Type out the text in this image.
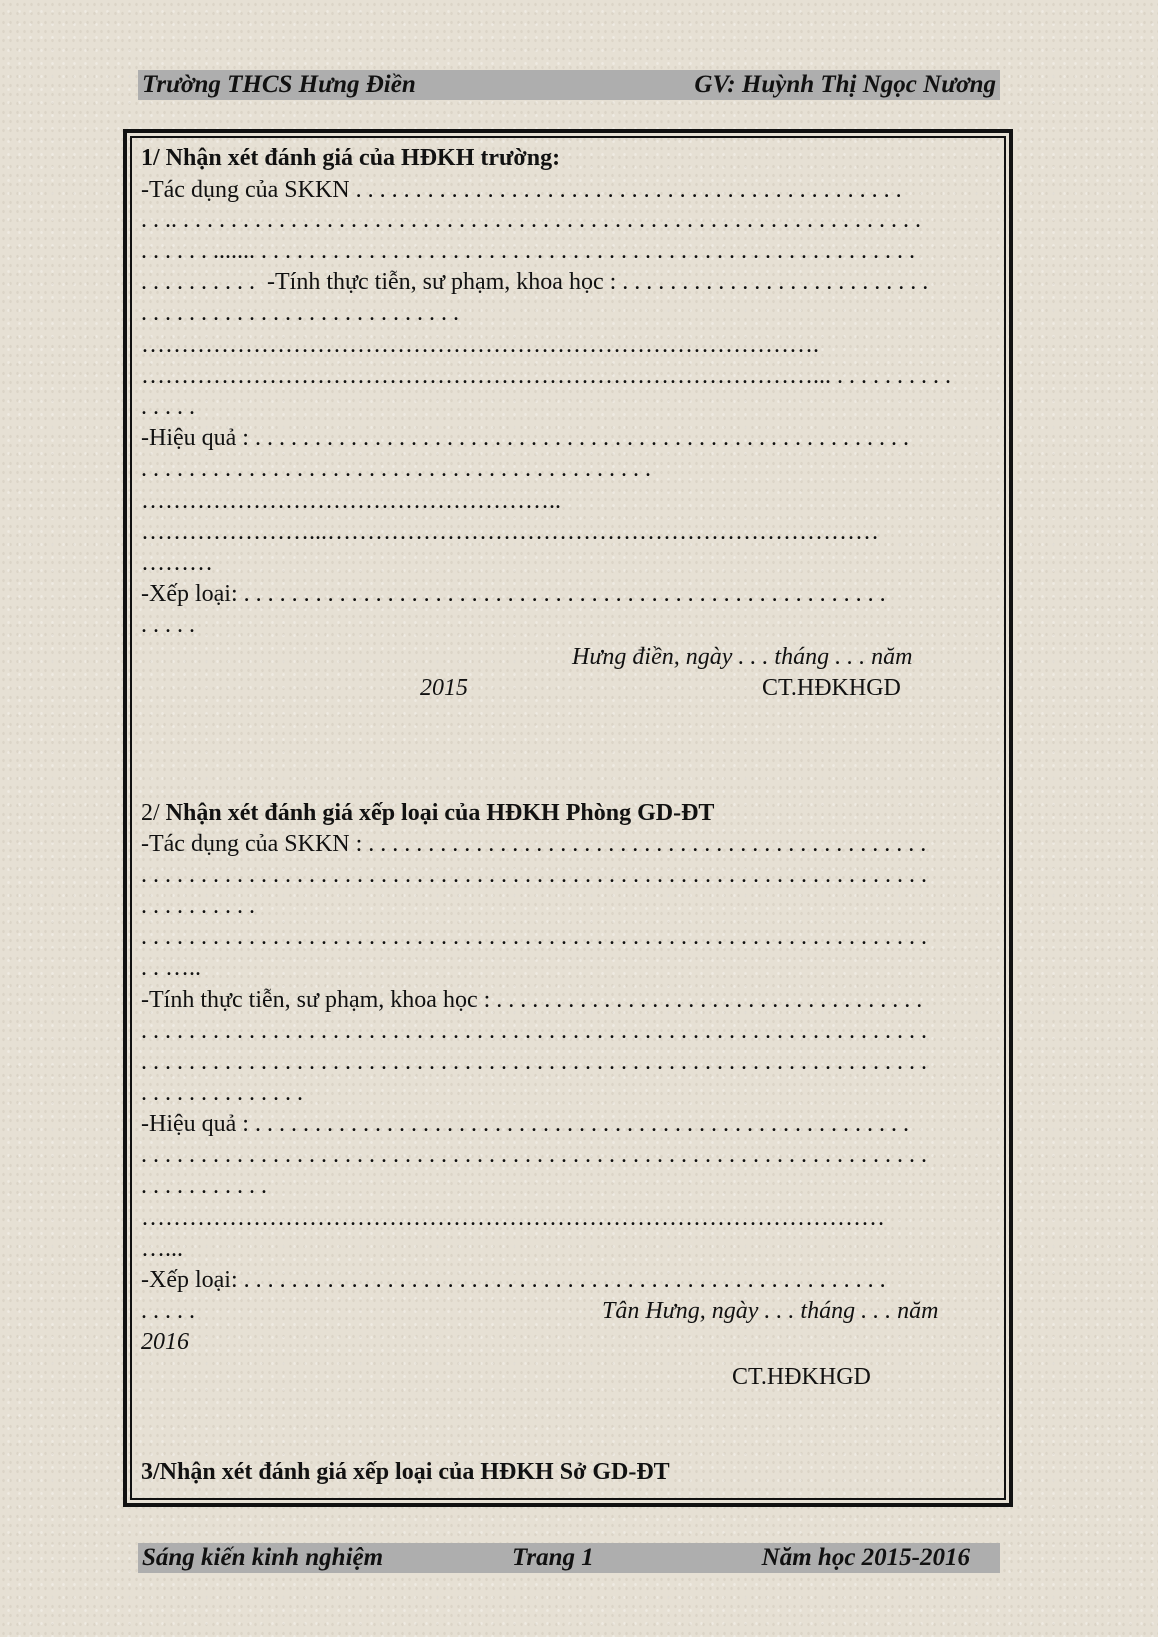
Trường THCS Hưng Điền	GV: Huỳnh Thị Ngọc Nương
1/ Nhận xét đánh giá của HĐKH trường:
-Tác dụng của SKKN . . . . . . . . . . . . . . . . . . . . . . . . . . . . . . . . . . . . . . . . . . . . . .
. . .. . . . . . . . . . . . . . . . . . . . . . . . . . . . . . . . . . . . . . . . . . . . . . . . . . . . . . . . . . . . . . .
. . . . . . ....... . . . . . . . . . . . . . . . . . . . . . . . . . . . . . . . . . . . . . . . . . . . . . . . . . . . . . . .
. . . . . . . . . . -Tính thực tiễn, sư phạm, khoa học : . . . . . . . . . . . . . . . . . . . . . . . . . .
. . . . . . . . . . . . . . . . . . . . . . . . . . .
………………………………………………………………………….
…………………………………………………………………………... . . . . . . . . . .
. . . . .
-Hiệu quả : . . . . . . . . . . . . . . . . . . . . . . . . . . . . . . . . . . . . . . . . . . . . . . . . . . . . . . .
. . . . . . . . . . . . . . . . . . . . . . . . . . . . . . . . . . . . . . . . . . .
……………………………………………..
…………………...……………………………………………………………
………
-Xếp loại: . . . . . . . . . . . . . . . . . . . . . . . . . . . . . . . . . . . . . . . . . . . . . . . . . . . . . .
. . . . .
Hưng điền, ngày . . . tháng . . . năm
2015	CT.HĐKHGD
2/ Nhận xét đánh giá xếp loại của HĐKH Phòng GD-ĐT
-Tác dụng của SKKN : . . . . . . . . . . . . . . . . . . . . . . . . . . . . . . . . . . . . . . . . . . . . . . .
. . . . . . . . . . . . . . . . . . . . . . . . . . . . . . . . . . . . . . . . . . . . . . . . . . . . . . . . . . . . . . . . . .
. . . . . . . . . .
. . . . . . . . . . . . . . . . . . . . . . . . . . . . . . . . . . . . . . . . . . . . . . . . . . . . . . . . . . . . . . . . . .
. . …..
-Tính thực tiễn, sư phạm, khoa học : . . . . . . . . . . . . . . . . . . . . . . . . . . . . . . . . . . . .
. . . . . . . . . . . . . . . . . . . . . . . . . . . . . . . . . . . . . . . . . . . . . . . . . . . . . . . . . . . . . . . . . .
. . . . . . . . . . . . . . . . . . . . . . . . . . . . . . . . . . . . . . . . . . . . . . . . . . . . . . . . . . . . . . . . . .
. . . . . . . . . . . . . .
-Hiệu quả : . . . . . . . . . . . . . . . . . . . . . . . . . . . . . . . . . . . . . . . . . . . . . . . . . . . . . . .
. . . . . . . . . . . . . . . . . . . . . . . . . . . . . . . . . . . . . . . . . . . . . . . . . . . . . . . . . . . . . . . . . .
. . . . . . . . . . .
…………………………………………………………………………………
…...
-Xếp loại: . . . . . . . . . . . . . . . . . . . . . . . . . . . . . . . . . . . . . . . . . . . . . . . . . . . . . .
. . . . .	Tân Hưng, ngày . . . tháng . . . năm
2016
CT.HĐKHGD
3/Nhận xét đánh giá xếp loại của HĐKH Sở GD-ĐT
Sáng kiến kinh nghiệm	Trang 1	Năm học 2015-2016
